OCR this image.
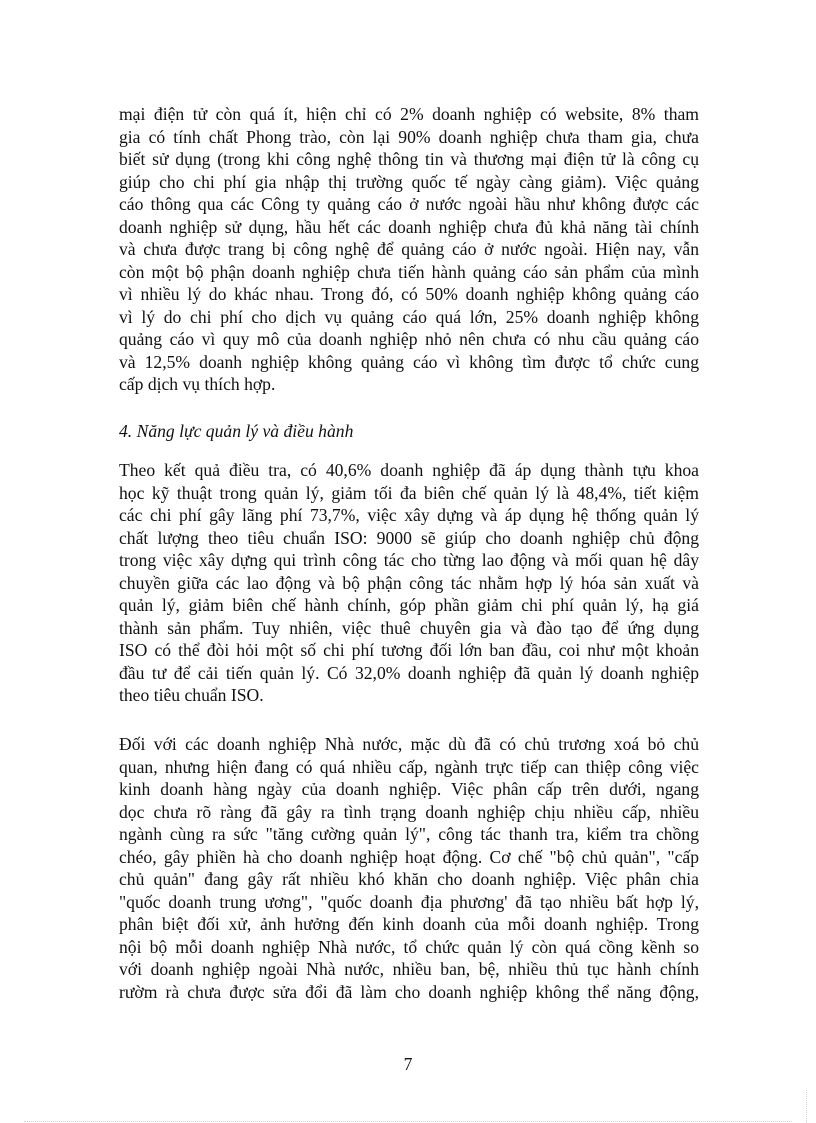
mại điện tử còn quá ít, hiện chỉ có 2% doanh nghiệp có website, 8% tham
gia có tính chất Phong trào, còn lại 90% doanh nghiệp chưa tham gia, chưa
biết sử dụng (trong khi công nghệ thông tin và thương mại điện tử là công cụ
giúp cho chi phí gia nhập thị trường quốc tế ngày càng giảm). Việc quảng
cáo thông qua các Công ty quảng cáo ở nước ngoài hầu như không được các
doanh nghiệp sử dụng, hầu hết các doanh nghiệp chưa đủ khả năng tài chính
và chưa được trang bị công nghệ để quảng cáo ở nước ngoài. Hiện nay, vẫn
còn một bộ phận doanh nghiệp chưa tiến hành quảng cáo sản phẩm của mình
vì nhiều lý do khác nhau. Trong đó, có 50% doanh nghiệp không quảng cáo
vì lý do chi phí cho dịch vụ quảng cáo quá lớn, 25% doanh nghiệp không
quảng cáo vì quy mô của doanh nghiệp nhỏ nên chưa có nhu cầu quảng cáo
và 12,5% doanh nghiệp không quảng cáo vì không tìm được tổ chức cung
cấp dịch vụ thích hợp.
4. Năng lực quản lý và điều hành
Theo kết quả điều tra, có 40,6% doanh nghiệp đã áp dụng thành tựu khoa
học kỹ thuật trong quản lý, giảm tối đa biên chế quản lý là 48,4%, tiết kiệm
các chi phí gây lãng phí 73,7%, việc xây dựng và áp dụng hệ thống quản lý
chất lượng theo tiêu chuẩn ISO: 9000 sẽ giúp cho doanh nghiệp chủ động
trong việc xây dựng qui trình công tác cho từng lao động và mối quan hệ dây
chuyền giữa các lao động và bộ phận công tác nhằm hợp lý hóa sản xuất và
quản lý, giảm biên chế hành chính, góp phần giảm chi phí quản lý, hạ giá
thành sản phẩm. Tuy nhiên, việc thuê chuyên gia và đào tạo để ứng dụng
ISO có thể đòi hỏi một số chi phí tương đối lớn ban đầu, coi như một khoản
đầu tư để cải tiến quản lý. Có 32,0% doanh nghiệp đã quản lý doanh nghiệp
theo tiêu chuẩn ISO.
Đối với các doanh nghiệp Nhà nước, mặc dù đã có chủ trương xoá bỏ chủ
quan, nhưng hiện đang có quá nhiều cấp, ngành trực tiếp can thiệp công việc
kinh doanh hàng ngày của doanh nghiệp. Việc phân cấp trên dưới, ngang
dọc chưa rõ ràng đã gây ra tình trạng doanh nghiệp chịu nhiều cấp, nhiều
ngành cùng ra sức "tăng cường quản lý", công tác thanh tra, kiểm tra chồng
chéo, gây phiền hà cho doanh nghiệp hoạt động. Cơ chế "bộ chủ quản", "cấp
chủ quản" đang gây rất nhiều khó khăn cho doanh nghiệp. Việc phân chia
"quốc doanh trung ương", "quốc doanh địa phương' đã tạo nhiều bất hợp lý,
phân biệt đối xử, ảnh hưởng đến kinh doanh của mỗi doanh nghiệp. Trong
nội bộ mỗi doanh nghiệp Nhà nước, tổ chức quản lý còn quá cồng kềnh so
với doanh nghiệp ngoài Nhà nước, nhiều ban, bệ, nhiều thủ tục hành chính
rườm rà chưa được sửa đổi đã làm cho doanh nghiệp không thể năng động,
7
